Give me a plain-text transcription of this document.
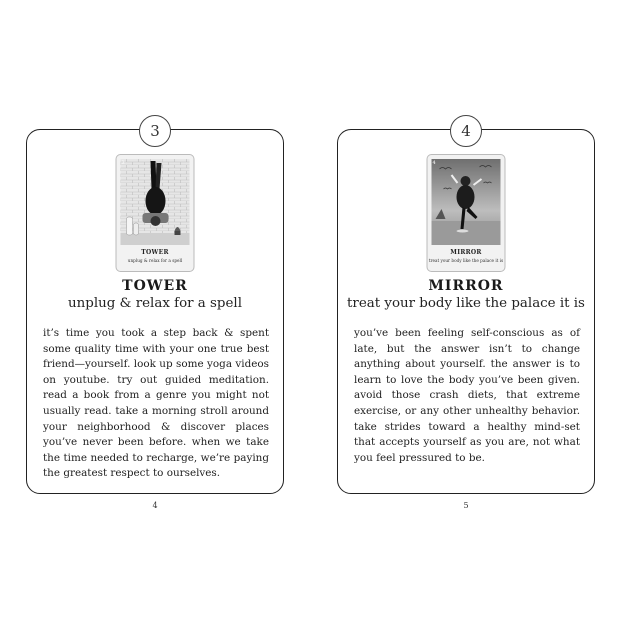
3
3
TOWER
unplug & relax for a spell
TOWER
unplug & relax for a spell

it’s time you took a step back & spent some quality time with your one true best friend—yourself. look up some yoga videos on youtube. try out guided meditation. read a book from a genre you might not usually read. take a morning stroll around your neighborhood & discover places you’ve never been before. when we take the time needed to recharge, we’re paying the greatest respect to ourselves.

4
4
MIRROR
treat your body like the palace it is
MIRROR
treat your body like the palace it is

you’ve been feeling self-conscious as of late, but the answer isn’t to change anything about yourself. the answer is to learn to love the body you’ve been given. avoid those crash diets, that extreme exercise, or any other unhealthy behavior. take strides toward a healthy mind-set that accepts yourself as you are, not what you feel pressured to be.

4	5
